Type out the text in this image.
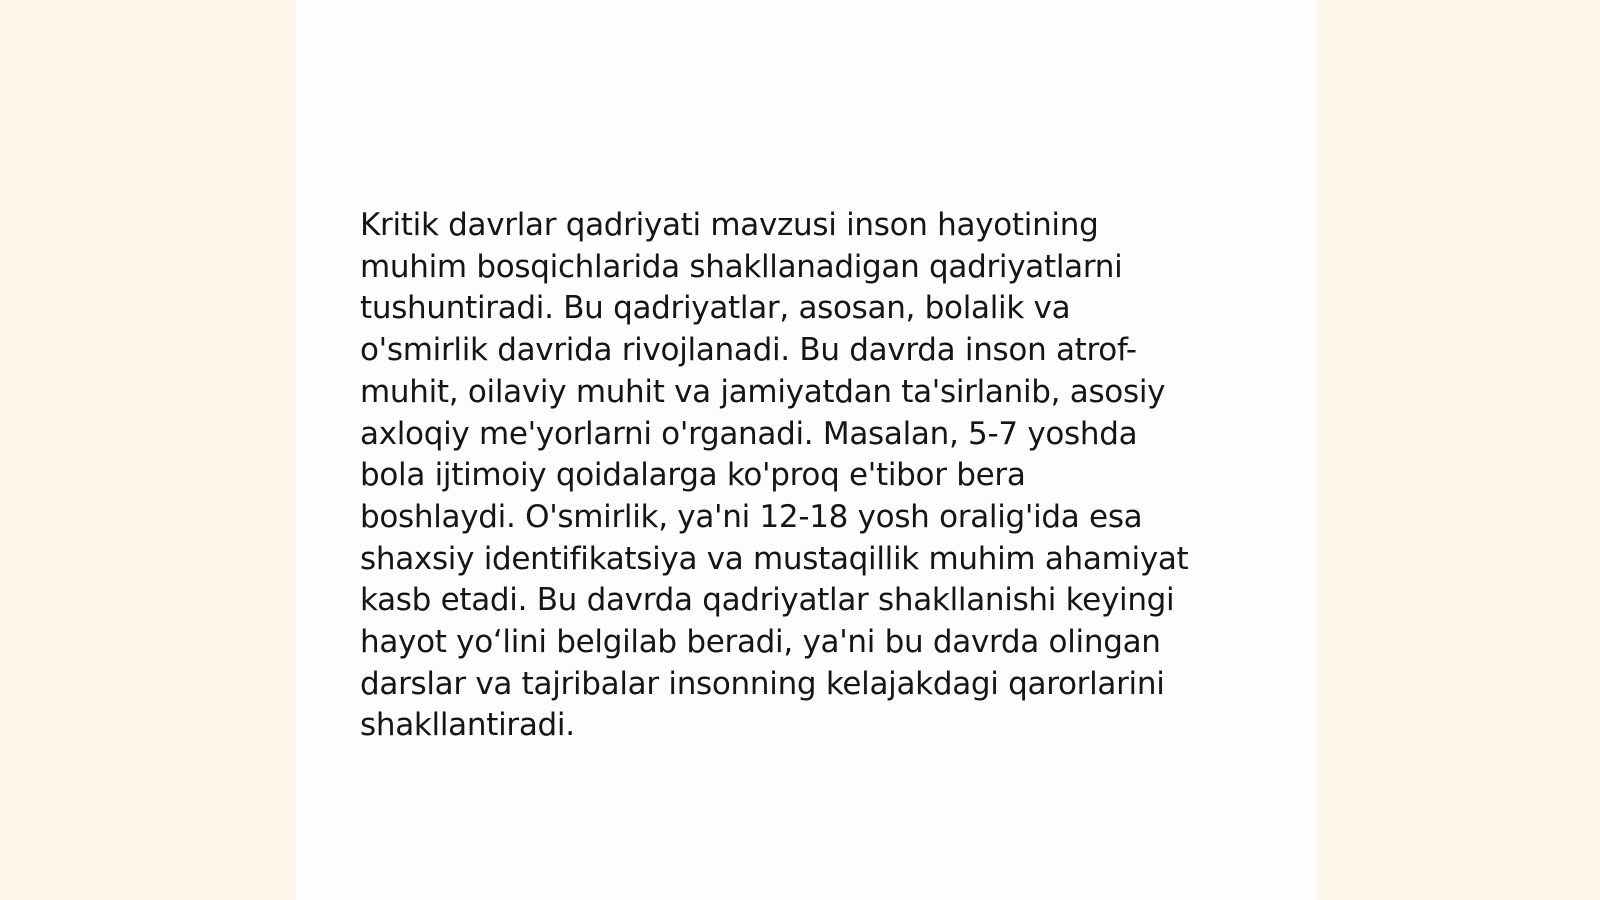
Kritik davrlar qadriyati mavzusi inson hayotining
muhim bosqichlarida shakllanadigan qadriyatlarni
tushuntiradi. Bu qadriyatlar, asosan, bolalik va
o'smirlik davrida rivojlanadi. Bu davrda inson atrof-
muhit, oilaviy muhit va jamiyatdan ta'sirlanib, asosiy
axloqiy me'yorlarni o'rganadi. Masalan, 5-7 yoshda
bola ijtimoiy qoidalarga ko'proq e'tibor bera
boshlaydi. O'smirlik, ya'ni 12-18 yosh oralig'ida esa
shaxsiy identifikatsiya va mustaqillik muhim ahamiyat
kasb etadi. Bu davrda qadriyatlar shakllanishi keyingi
hayot yo‘lini belgilab beradi, ya'ni bu davrda olingan
darslar va tajribalar insonning kelajakdagi qarorlarini
shakllantiradi.
